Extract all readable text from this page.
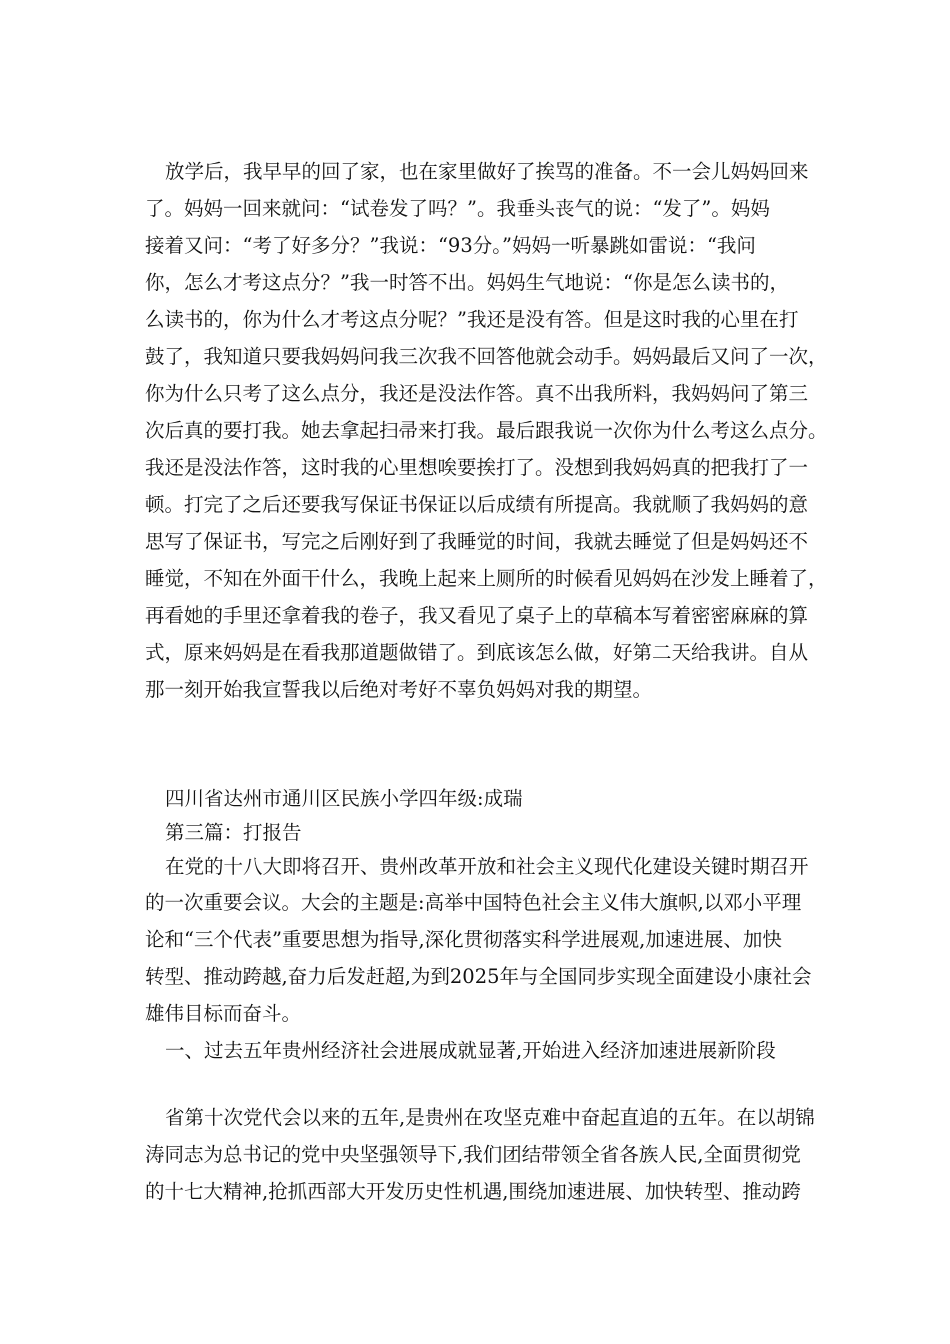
放学后，我早早的回了家，也在家里做好了挨骂的准备。不一会儿妈妈回来
了。妈妈一回来就问：“试卷发了吗？”。我垂头丧气的说：“发了”。妈妈
接着又问：“考了好多分？”我说：“93分。”妈妈一听暴跳如雷说：“我问
你，怎么才考这点分？”我一时答不出。妈妈生气地说：“你是怎么读书的，
么读书的，你为什么才考这点分呢？”我还是没有答。但是这时我的心里在打
鼓了，我知道只要我妈妈问我三次我不回答他就会动手。妈妈最后又问了一次，
你为什么只考了这么点分，我还是没法作答。真不出我所料，我妈妈问了第三
次后真的要打我。她去拿起扫帚来打我。最后跟我说一次你为什么考这么点分。
我还是没法作答，这时我的心里想唉要挨打了。没想到我妈妈真的把我打了一
顿。打完了之后还要我写保证书保证以后成绩有所提高。我就顺了我妈妈的意
思写了保证书，写完之后刚好到了我睡觉的时间，我就去睡觉了但是妈妈还不
睡觉，不知在外面干什么，我晚上起来上厕所的时候看见妈妈在沙发上睡着了，
再看她的手里还拿着我的卷子，我又看见了桌子上的草稿本写着密密麻麻的算
式，原来妈妈是在看我那道题做错了。到底该怎么做，好第二天给我讲。自从
那一刻开始我宣誓我以后绝对考好不辜负妈妈对我的期望。
四川省达州市通川区民族小学四年级:成瑞
第三篇：打报告
在党的十八大即将召开、贵州改革开放和社会主义现代化建设关键时期召开
的一次重要会议。大会的主题是:高举中国特色社会主义伟大旗帜,以邓小平理
论和“三个代表”重要思想为指导,深化贯彻落实科学进展观,加速进展、加快
转型、推动跨越,奋力后发赶超,为到2025年与全国同步实现全面建设小康社会
雄伟目标而奋斗。
一、过去五年贵州经济社会进展成就显著,开始进入经济加速进展新阶段
省第十次党代会以来的五年,是贵州在攻坚克难中奋起直追的五年。在以胡锦
涛同志为总书记的党中央坚强领导下,我们团结带领全省各族人民,全面贯彻党
的十七大精神,抢抓西部大开发历史性机遇,围绕加速进展、加快转型、推动跨
